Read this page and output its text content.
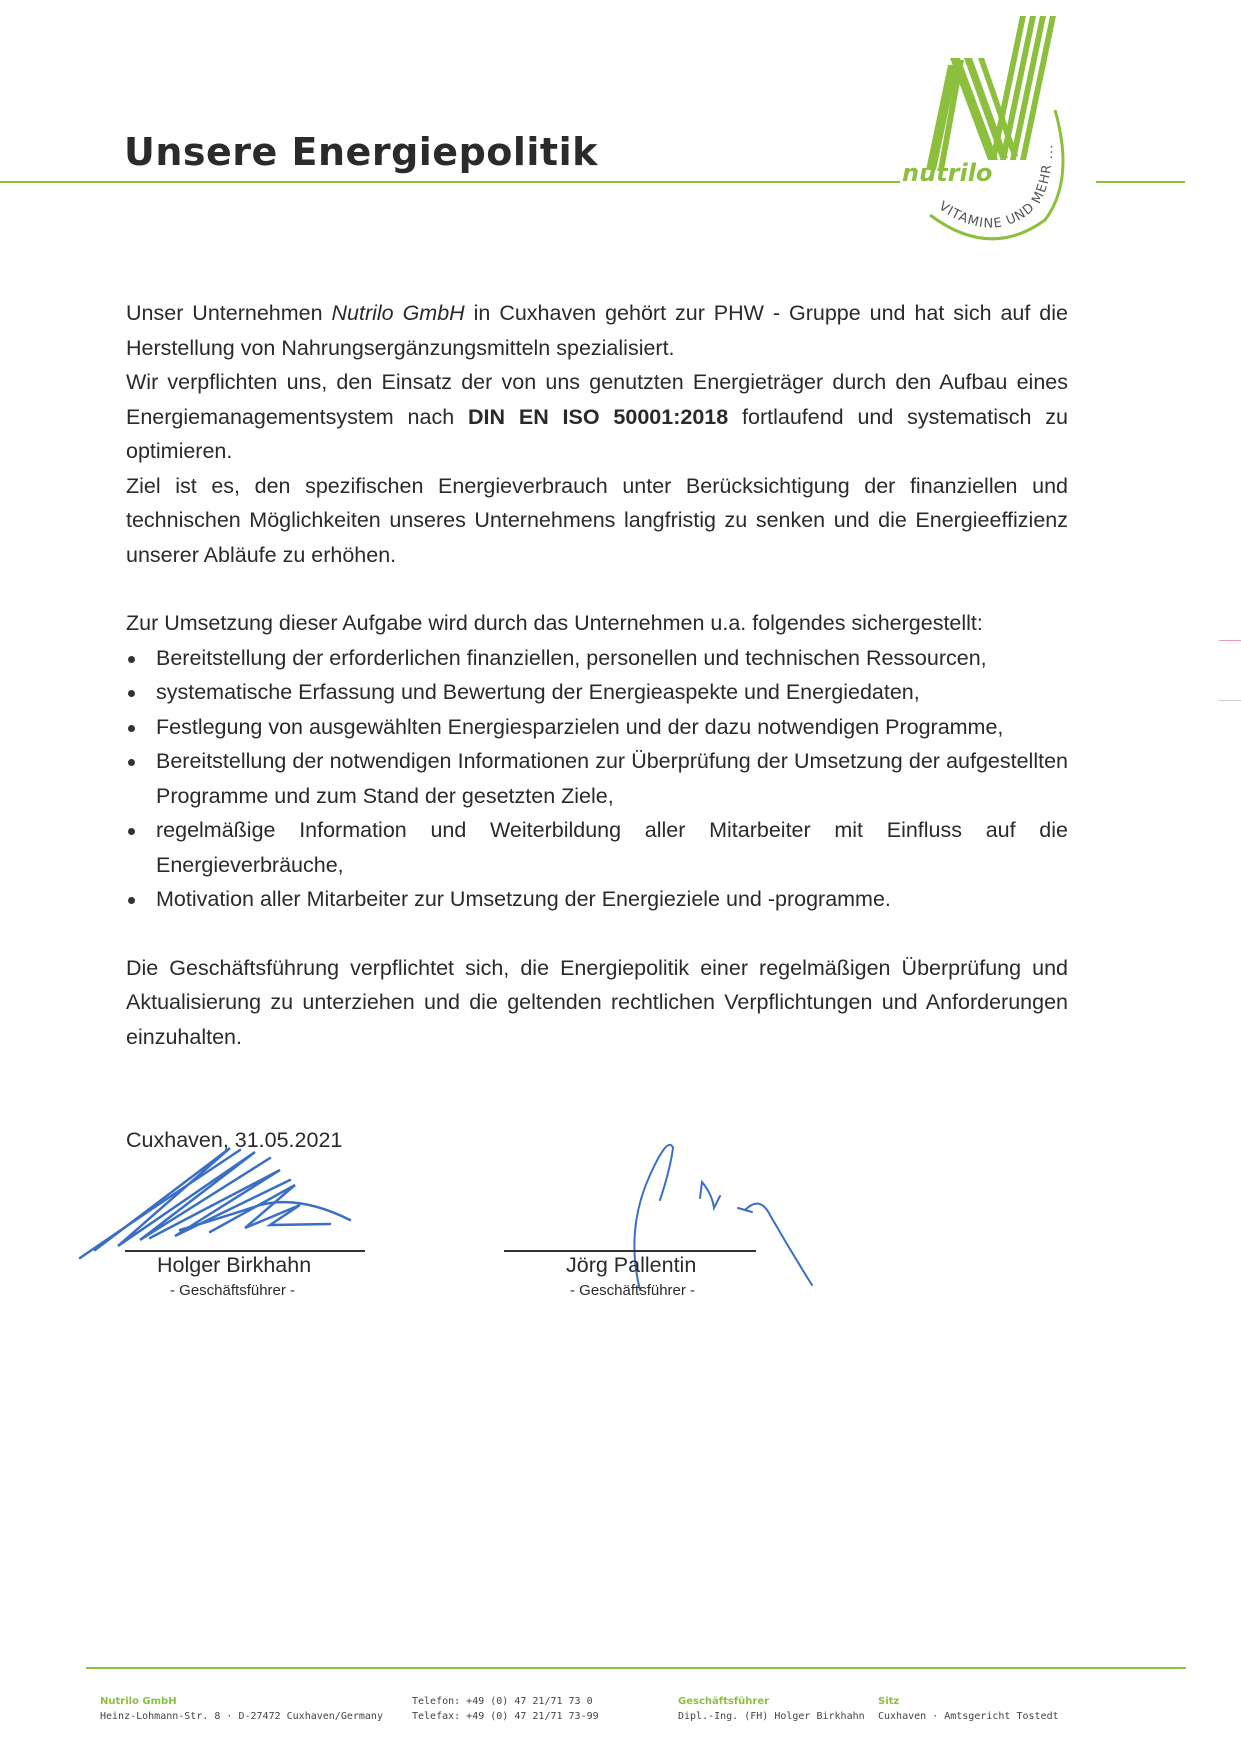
Unsere Energiepolitik	nutrilo
VITAMINE UND MEHR ...

Unser Unternehmen Nutrilo GmbH in Cuxhaven gehört zur PHW - Gruppe und hat sich auf die Herstellung von Nahrungsergänzungsmitteln spezialisiert.

Wir verpflichten uns, den Einsatz der von uns genutzten Energieträger durch den Aufbau eines Energiemanagementsystem nach DIN EN ISO 50001:2018 fortlaufend und systematisch zu optimieren.

Ziel ist es, den spezifischen Energieverbrauch unter Berücksichtigung der finanziellen und technischen Möglichkeiten unseres Unternehmens langfristig zu senken und die Energieeffizienz unserer Abläufe zu erhöhen.

Zur Umsetzung dieser Aufgabe wird durch das Unternehmen u.a. folgendes sichergestellt:

Bereitstellung der erforderlichen finanziellen, personellen und technischen Ressourcen,
systematische Erfassung und Bewertung der Energieaspekte und Energiedaten,
Festlegung von ausgewählten Energiesparzielen und der dazu notwendigen Programme,
Bereitstellung der notwendigen Informationen zur Überprüfung der Umsetzung der aufgestellten Programme und zum Stand der gesetzten Ziele,
regelmäßige Information und Weiterbildung aller Mitarbeiter mit Einfluss auf die Energieverbräuche,
Motivation aller Mitarbeiter zur Umsetzung der Energieziele und -programme.

Die Geschäftsführung verpflichtet sich, die Energiepolitik einer regelmäßigen Überprüfung und Aktualisierung zu unterziehen und die geltenden rechtlichen Verpflichtungen und Anforderungen einzuhalten.

Cuxhaven, 31.05.2021
Holger Birkhahn
- Geschäftsführer -
Jörg Pallentin
- Geschäftsführer -
Nutrilo GmbH
Heinz-Lohmann-Str. 8 · D-27472 Cuxhaven/Germany
Telefon: +49 (0) 47 21/71 73 0
Telefax: +49 (0) 47 21/71 73-99
Geschäftsführer
Dipl.-Ing. (FH) Holger Birkhahn
Sitz
Cuxhaven · Amtsgericht Tostedt
